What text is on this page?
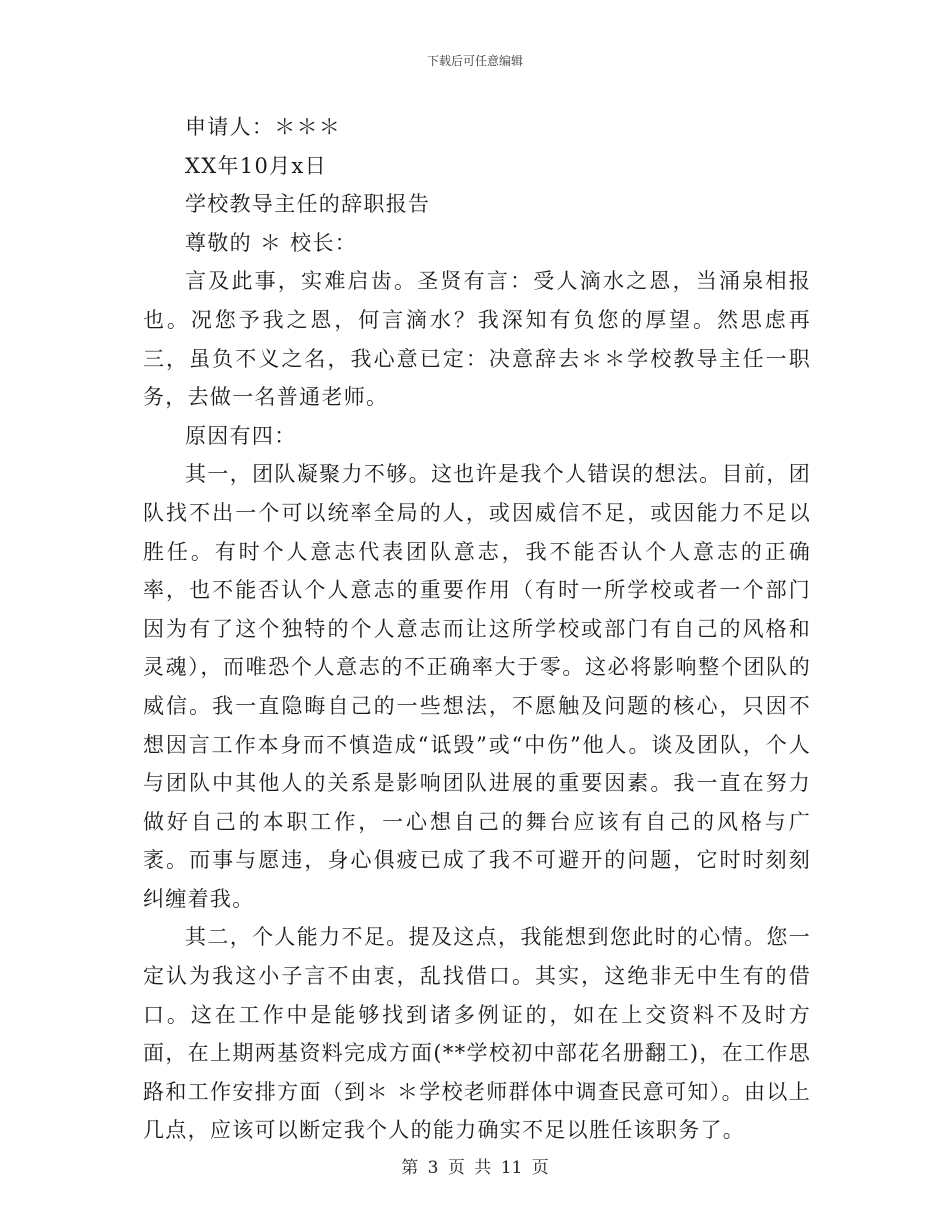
下载后可任意编辑

申请人：＊＊＊

XX年10月x日

学校教导主任的辞职报告

尊敬的 ＊ 校长：

言及此事，实难启齿。圣贤有言：受人滴水之恩，当涌泉相报也。况您予我之恩，何言滴水？我深知有负您的厚望。然思虑再三，虽负不义之名，我心意已定：决意辞去＊＊学校教导主任一职务，去做一名普通老师。

原因有四：

其一，团队凝聚力不够。这也许是我个人错误的想法。目前，团队找不出一个可以统率全局的人，或因威信不足，或因能力不足以胜任。有时个人意志代表团队意志，我不能否认个人意志的正确率，也不能否认个人意志的重要作用（有时一所学校或者一个部门因为有了这个独特的个人意志而让这所学校或部门有自己的风格和灵魂），而唯恐个人意志的不正确率大于零。这必将影响整个团队的威信。我一直隐晦自己的一些想法，不愿触及问题的核心，只因不想因言工作本身而不慎造成“诋毁”或“中伤”他人。谈及团队，个人与团队中其他人的关系是影响团队进展的重要因素。我一直在努力做好自己的本职工作，一心想自己的舞台应该有自己的风格与广袤。而事与愿违，身心俱疲已成了我不可避开的问题，它时时刻刻纠缠着我。

其二，个人能力不足。提及这点，我能想到您此时的心情。您一定认为我这小子言不由衷，乱找借口。其实，这绝非无中生有的借口。这在工作中是能够找到诸多例证的，如在上交资料不及时方面，在上期两基资料完成方面(**学校初中部花名册翻工)，在工作思路和工作安排方面（到＊ ＊学校老师群体中调查民意可知）。由以上几点，应该可以断定我个人的能力确实不足以胜任该职务了。

第 3 页 共 11 页
